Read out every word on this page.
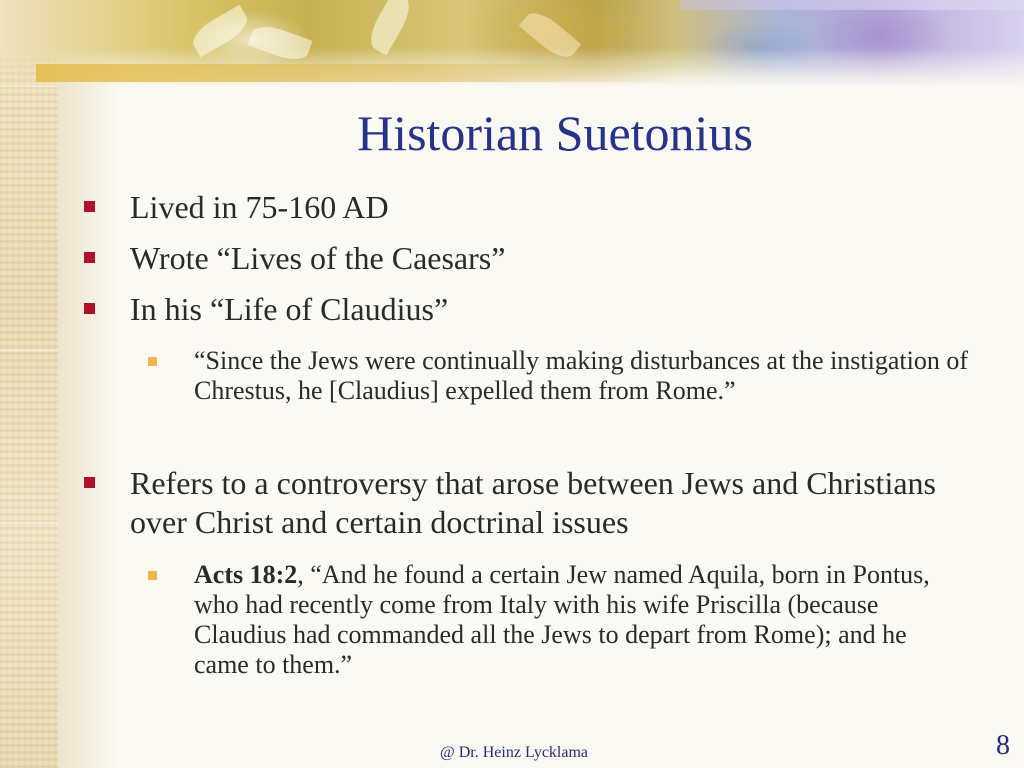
Historian Suetonius
Lived in 75-160 AD
Wrote “Lives of the Caesars”
In his “Life of Claudius”
“Since the Jews were continually making disturbances at the instigation of Chrestus, he [Claudius] expelled them from Rome.”
Refers to a controversy that arose between Jews and Christians over Christ and certain doctrinal issues
Acts 18:2, “And he found a certain Jew named Aquila, born in Pontus, who had recently come from Italy with his wife Priscilla (because Claudius had commanded all the Jews to depart from Rome); and he came to them.”
@ Dr. Heinz Lycklama	8
